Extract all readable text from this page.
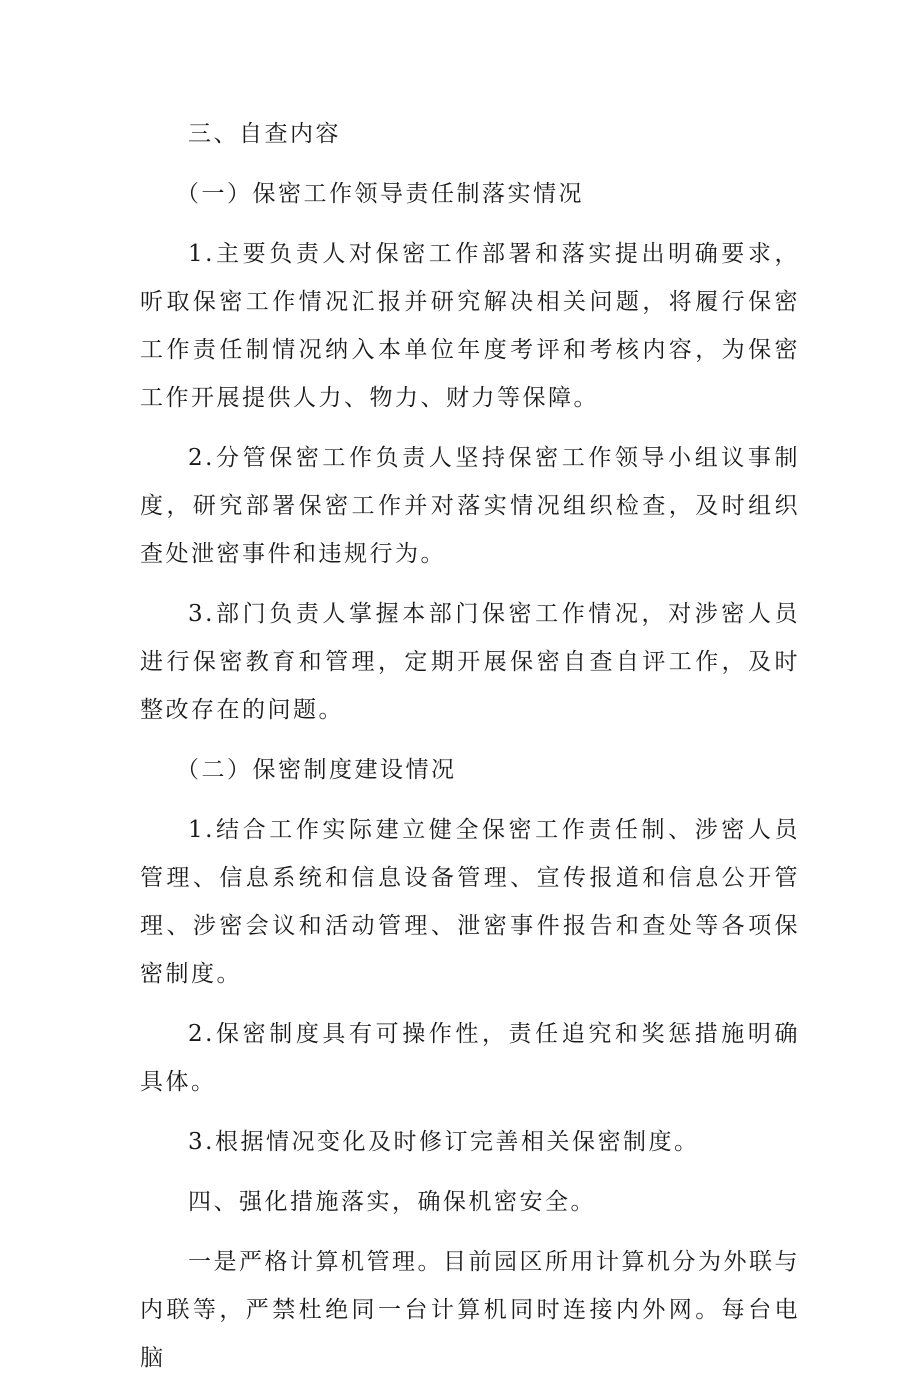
三、自查内容

（一）保密工作领导责任制落实情况

1.主要负责人对保密工作部署和落实提出明确要求，听取保密工作情况汇报并研究解决相关问题，将履行保密工作责任制情况纳入本单位年度考评和考核内容，为保密工作开展提供人力、物力、财力等保障。

2.分管保密工作负责人坚持保密工作领导小组议事制度，研究部署保密工作并对落实情况组织检查，及时组织查处泄密事件和违规行为。

3.部门负责人掌握本部门保密工作情况，对涉密人员进行保密教育和管理，定期开展保密自查自评工作，及时整改存在的问题。

（二）保密制度建设情况

1.结合工作实际建立健全保密工作责任制、涉密人员管理、信息系统和信息设备管理、宣传报道和信息公开管理、涉密会议和活动管理、泄密事件报告和查处等各项保密制度。

2.保密制度具有可操作性，责任追究和奖惩措施明确具体。

3.根据情况变化及时修订完善相关保密制度。

四、强化措施落实，确保机密安全。

一是严格计算机管理。目前园区所用计算机分为外联与内联等，严禁杜绝同一台计算机同时连接内外网。每台电脑
